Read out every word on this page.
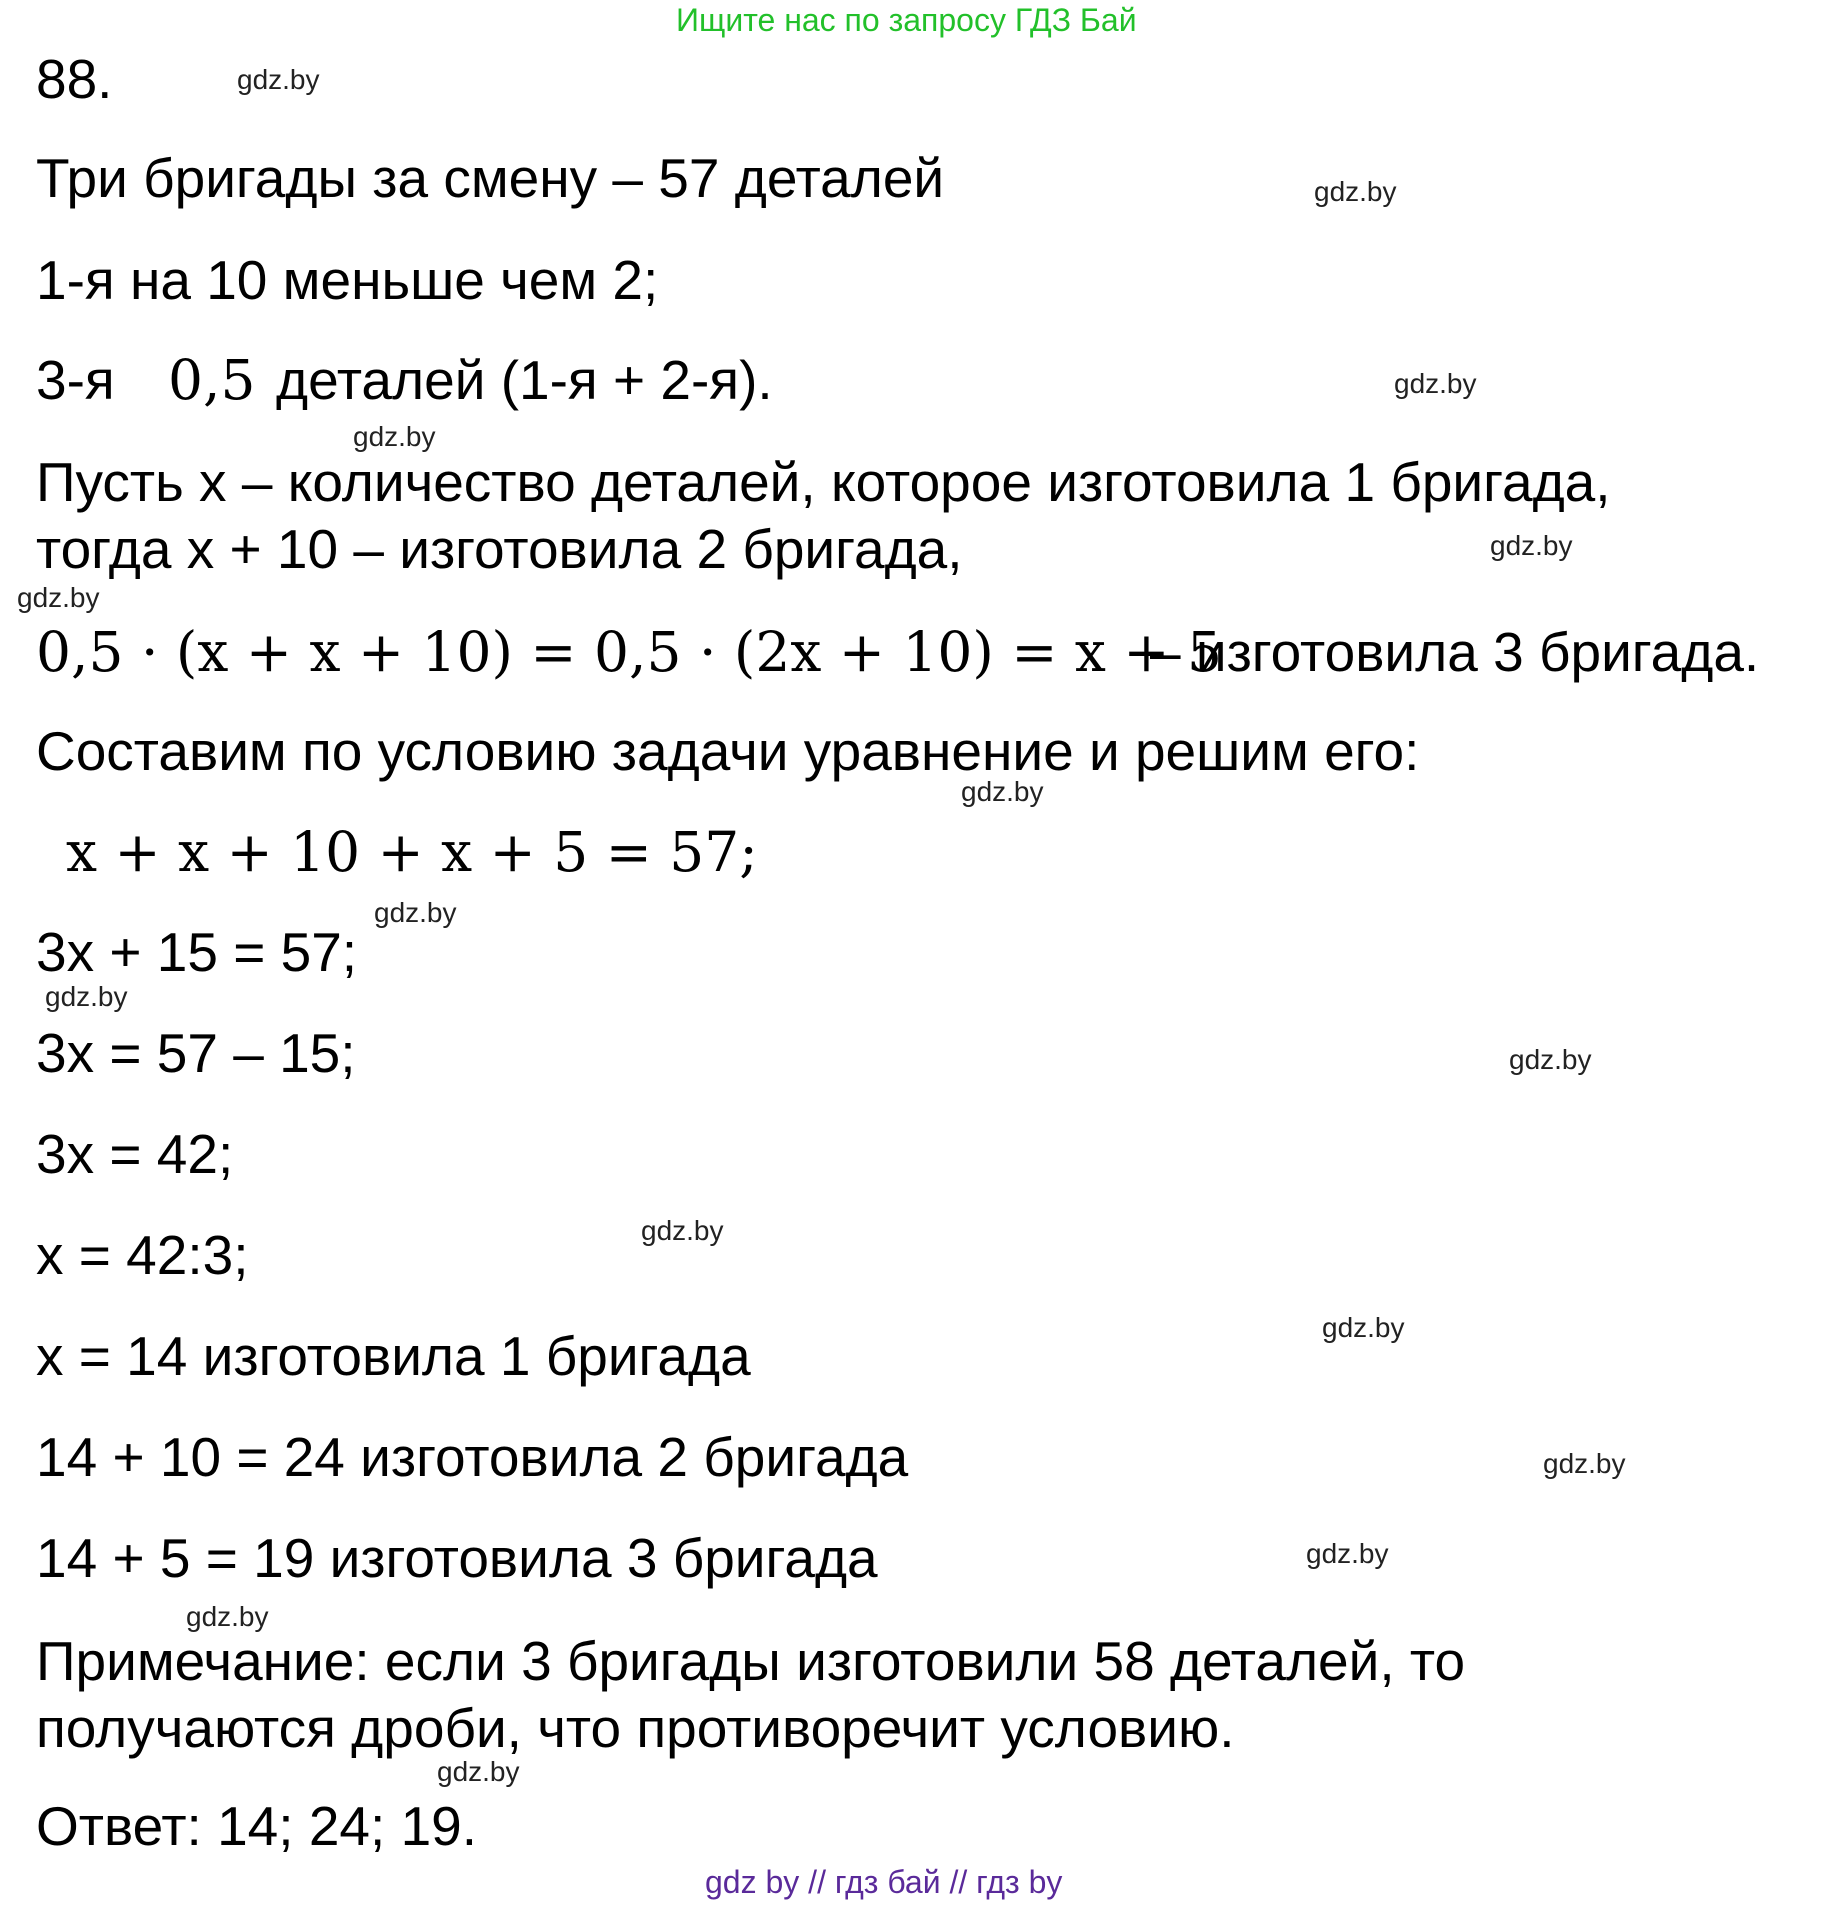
Ищите нас по запросу ГДЗ Бай
88.
Три бригады за смену – 57 деталей
1-я на 10 меньше чем 2;
3-я 0,5 деталей (1-я + 2-я).
Пусть x – количество деталей, которое изготовила 1 бригада,
тогда x + 10 – изготовила 2 бригада,
0,5 · (x + x + 10) = 0,5 · (2x + 10) = x + 5
– изготовила 3 бригада.
Составим по условию задачи уравнение и решим его:
x + x + 10 + x + 5 = 57;
3x + 15 = 57;
3x = 57 – 15;
3x = 42;
x = 42:3;
x = 14 изготовила 1 бригада
14 + 10 = 24 изготовила 2 бригада
14 + 5 = 19 изготовила 3 бригада
Примечание: если 3 бригады изготовили 58 деталей, то
получаются дроби, что противоречит условию.
Ответ: 14; 24; 19.
gdz.by
gdz.by
gdz.by
gdz.by
gdz.by
gdz.by
gdz.by
gdz.by
gdz.by
gdz.by
gdz.by
gdz.by
gdz.by
gdz.by
gdz.by
gdz.by
gdz by // гдз бай // гдз by
